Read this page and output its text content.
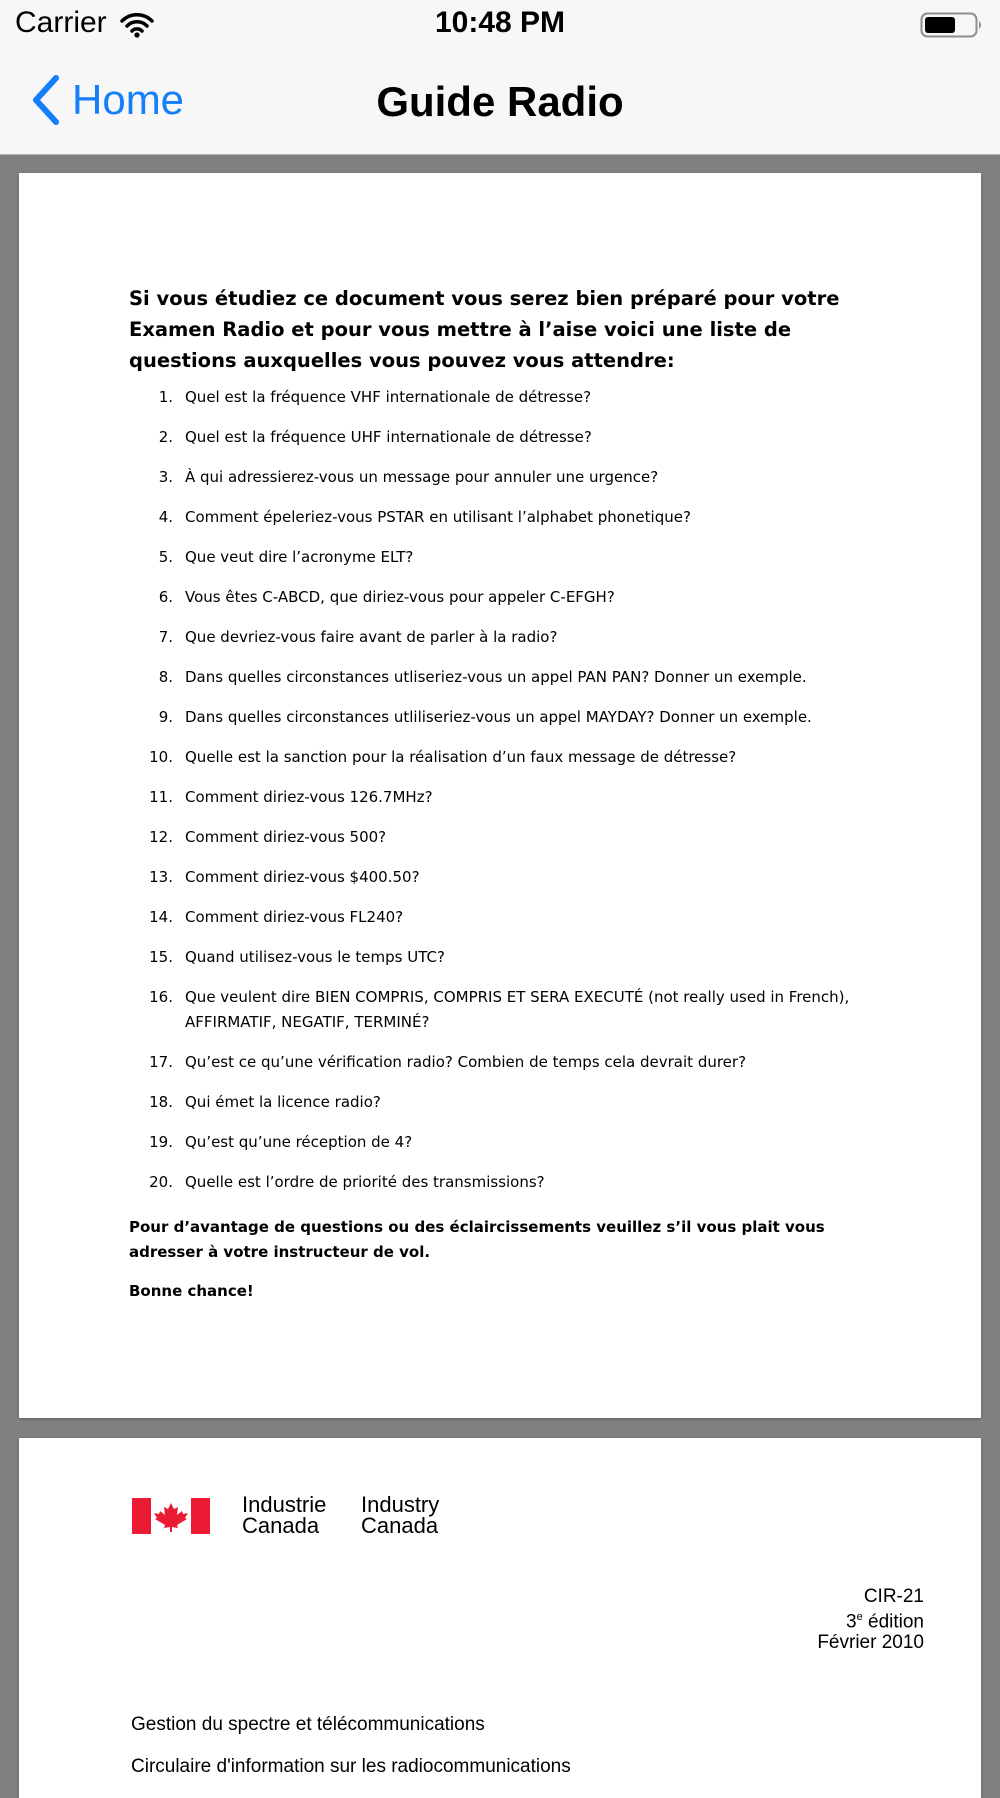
Carrier	10:48 PM
Home	Guide Radio
Si vous étudiez ce document vous serez bien préparé pour votre Examen Radio et pour vous mettre à l’aise voici une liste de questions auxquelles vous pouvez vous attendre:
1. Quel est la fréquence VHF internationale de détresse?
2. Quel est la fréquence UHF internationale de détresse?
3. À qui adressierez-vous un message pour annuler une urgence?
4. Comment épeleriez-vous PSTAR en utilisant l’alphabet phonetique?
5. Que veut dire l’acronyme ELT?
6. Vous êtes C-ABCD, que diriez-vous pour appeler C-EFGH?
7. Que devriez-vous faire avant de parler à la radio?
8. Dans quelles circonstances utliseriez-vous un appel PAN PAN? Donner un exemple.
9. Dans quelles circonstances utliliseriez-vous un appel MAYDAY? Donner un exemple.
10. Quelle est la sanction pour la réalisation d’un faux message de détresse?
11. Comment diriez-vous 126.7MHz?
12. Comment diriez-vous 500?
13. Comment diriez-vous $400.50?
14. Comment diriez-vous FL240?
15. Quand utilisez-vous le temps UTC?
16. Que veulent dire BIEN COMPRIS, COMPRIS ET SERA EXECUTÉ (not really used in French), AFFIRMATIF, NEGATIF, TERMINÉ?
17. Qu’est ce qu’une vérification radio? Combien de temps cela devrait durer?
18. Qui émet la licence radio?
19. Qu’est qu’une réception de 4?
20. Quelle est l’ordre de priorité des transmissions?
Pour d’avantage de questions ou des éclaircissements veuillez s’il vous plait vous adresser à votre instructeur de vol.
Bonne chance!
Industrie
Canada
Industry
Canada
CIR-21
3e édition
Février 2010
Gestion du spectre et télécommunications
Circulaire d'information sur les radiocommunications
